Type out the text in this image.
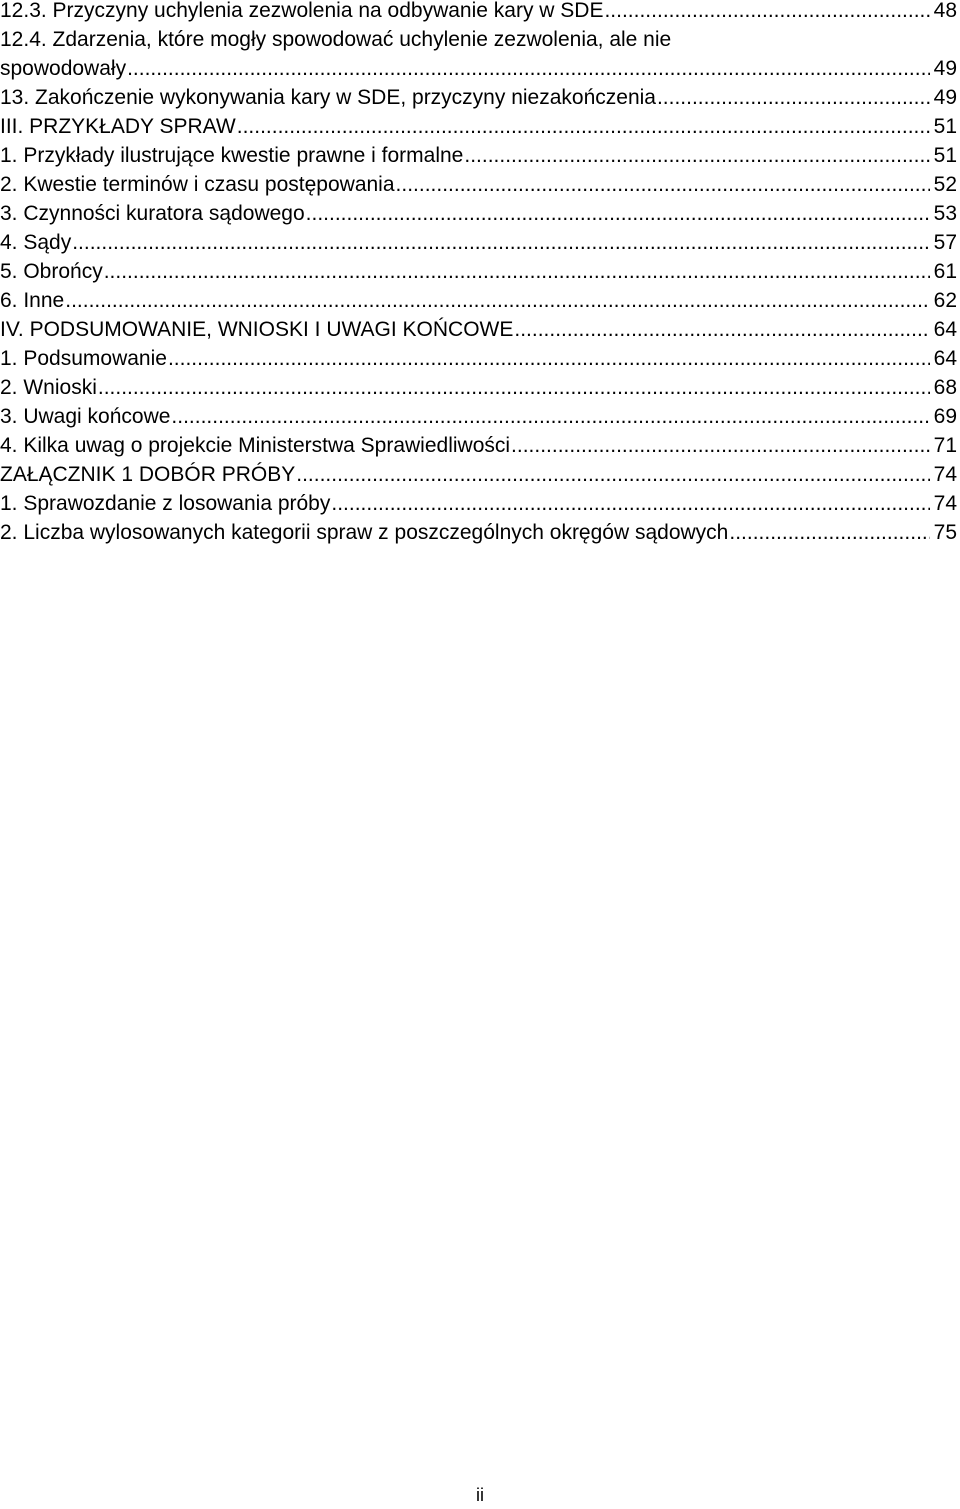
12.3. Przyczyny uchylenia zezwolenia na odbywanie kary w SDE .....	48
12.4. Zdarzenia, które mogły spowodować uchylenie zezwolenia, ale nie
spowodowały .....	49
13. Zakończenie wykonywania kary w SDE, przyczyny niezakończenia .....	49
III. PRZYKŁADY SPRAW .....	51
1. Przykłady ilustrujące kwestie prawne i formalne .....	51
2. Kwestie terminów i czasu postępowania .....	52
3. Czynności kuratora sądowego .....	53
4. Sądy .....	57
5. Obrońcy .....	61
6. Inne .....	62
IV. PODSUMOWANIE, WNIOSKI I UWAGI KOŃCOWE .....	64
1. Podsumowanie .....	64
2. Wnioski .....	68
3. Uwagi końcowe .....	69
4. Kilka uwag o projekcie Ministerstwa Sprawiedliwości .....	71
ZAŁĄCZNIK 1 DOBÓR PRÓBY .....	74
1. Sprawozdanie z losowania próby .....	74
2. Liczba wylosowanych kategorii spraw z poszczególnych okręgów sądowych .....	75
ii
